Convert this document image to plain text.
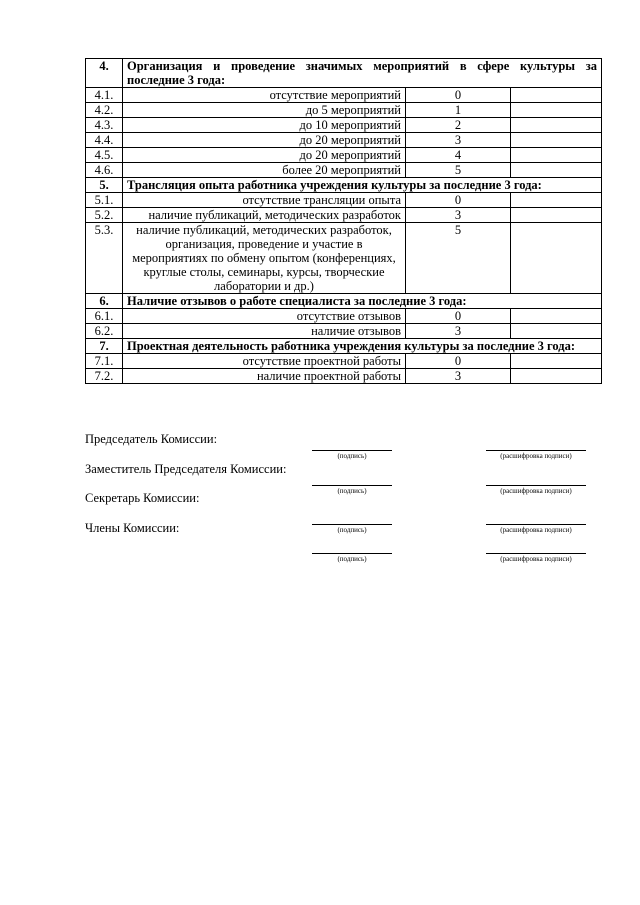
4.	Организация и проведение значимых мероприятий в сфере культуры за последние 3 года:		
4.1.	отсутствие мероприятий	0	
4.2.	до 5 мероприятий	1	
4.3.	до 10 мероприятий	2	
4.4.	до 20 мероприятий	3	
4.5.	до 20 мероприятий	4	
4.6.	более 20 мероприятий	5	
5.	Трансляция опыта работника учреждения культуры за последние 3 года:		
5.1.	отсутствие трансляции опыта	0	
5.2.	наличие публикаций, методических разработок	3	
5.3.	наличие публикаций, методических разработок, организация, проведение и участие в мероприятиях по обмену опытом (конференциях, круглые столы, семинары, курсы, творческие лаборатории и др.)	5	
6.	Наличие отзывов о работе специалиста за последние 3 года:		
6.1.	отсутствие отзывов	0	
6.2.	наличие отзывов	3	
7.	Проектная деятельность работника учреждения культуры за последние 3 года:		
7.1.	отсутствие проектной работы	0	
7.2.	наличие проектной работы	3	
Председатель Комиссии:
(подпись)	(расшифровка подписи)
Заместитель Председателя Комиссии:
(подпись)	(расшифровка подписи)
Секретарь Комиссии:
(подпись)	(расшифровка подписи)
Члены Комиссии:
(подпись)	(расшифровка подписи)
